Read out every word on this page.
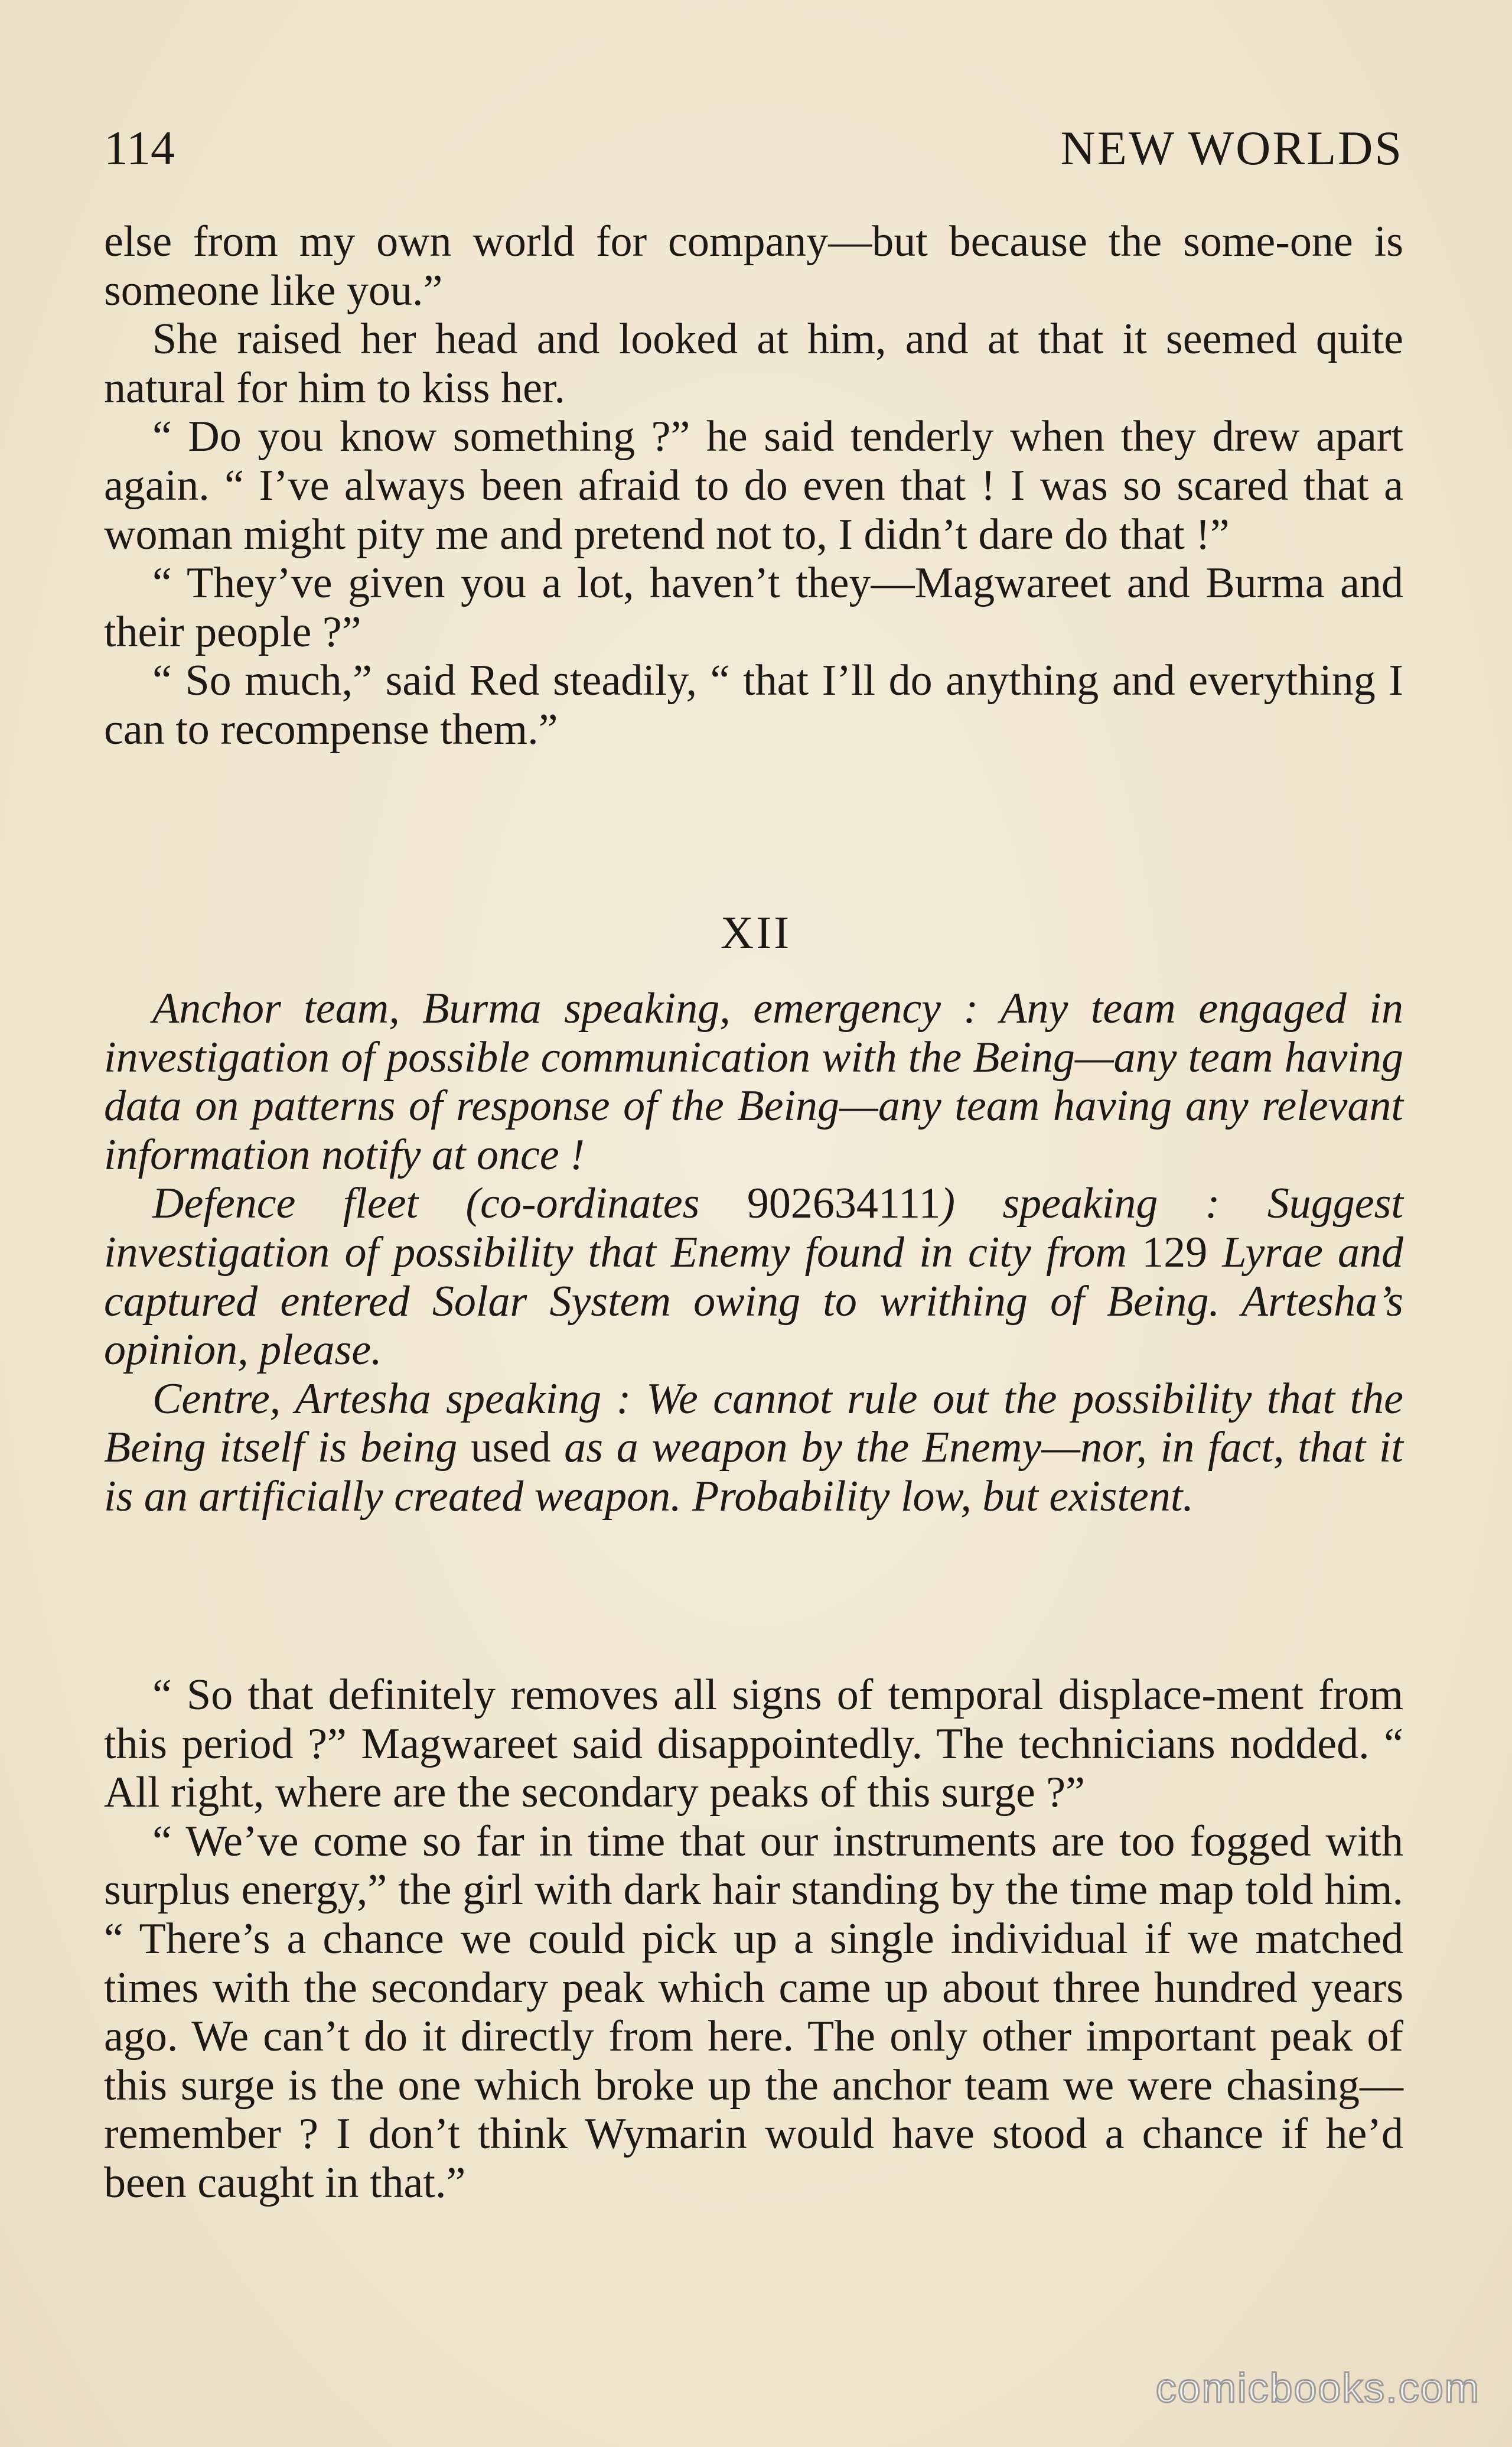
114	NEW WORLDS

else from my own world for company—but because the some-one is someone like you.”

She raised her head and looked at him, and at that it seemed quite natural for him to kiss her.

“ Do you know something ?” he said tenderly when they drew apart again. “ I’ve always been afraid to do even that ! I was so scared that a woman might pity me and pretend not to, I didn’t dare do that !”

“ They’ve given you a lot, haven’t they—Magwareet and Burma and their people ?”

“ So much,” said Red steadily, “ that I’ll do anything and everything I can to recompense them.”

XII

Anchor team, Burma speaking, emergency : Any team engaged in investigation of possible communication with the Being—any team having data on patterns of response of the Being—any team having any relevant information notify at once !

Defence fleet (co-ordinates 902634111) speaking : Suggest investigation of possibility that Enemy found in city from 129 Lyrae and captured entered Solar System owing to writhing of Being. Artesha’s opinion, please.

Centre, Artesha speaking : We cannot rule out the possibility that the Being itself is being used as a weapon by the Enemy—nor, in fact, that it is an artificially created weapon. Probability low, but existent.

“ So that definitely removes all signs of temporal displace-ment from this period ?” Magwareet said disappointedly. The technicians nodded. “ All right, where are the secondary peaks of this surge ?”

“ We’ve come so far in time that our instruments are too fogged with surplus energy,” the girl with dark hair standing by the time map told him. “ There’s a chance we could pick up a single individual if we matched times with the secondary peak which came up about three hundred years ago. We can’t do it directly from here. The only other important peak of this surge is the one which broke up the anchor team we were chasing—remember ? I don’t think Wymarin would have stood a chance if he’d been caught in that.”

comicbooks.com
